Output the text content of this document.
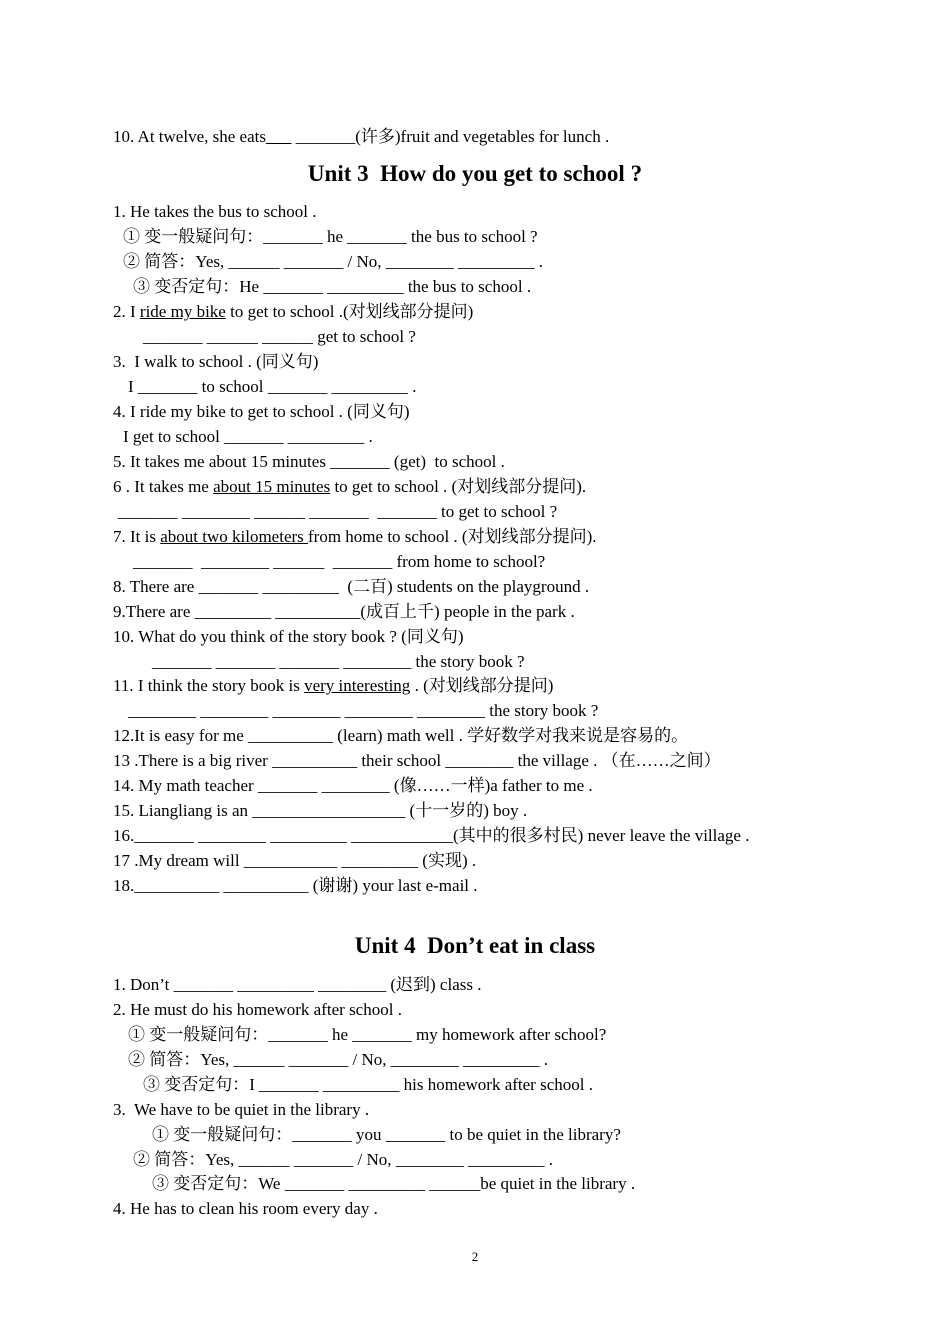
10. At twelve, she eats       _______(许多)fruit and vegetables for lunch .
Unit 3  How do you get to school ?
1. He takes the bus to school .
① 变一般疑问句：_______ he _______ the bus to school ?
② 简答：Yes, ______ _______ / No, ________ _________ .
③ 变否定句：He _______ _________ the bus to school .
2. I ride my bike to get to school .(对划线部分提问)
_______ ______ ______ get to school ?
3.  I walk to school . (同义句)
I _______ to school _______ _________ .
4. I ride my bike to get to school . (同义句)
I get to school _______ _________ .
5. It takes me about 15 minutes _______ (get)  to school .
6 . It takes me about 15 minutes to get to school . (对划线部分提问).
_______ ________ ______ _______  _______ to get to school ?
7. It is about two kilometers from home to school . (对划线部分提问).
_______  ________ ______  _______ from home to school?
8. There are _______ _________  (二百) students on the playground .
9.There are _________ __________(成百上千) people in the park .
10. What do you think of the story book ? (同义句)
_______ _______ _______ ________ the story book ?
11. I think the story book is very interesting . (对划线部分提问)
________ ________ ________ ________ ________ the story book ?
12.It is easy for me __________ (learn) math well . 学好数学对我来说是容易的。
13 .There is a big river __________ their school ________ the village . （在……之间）
14. My math teacher _______ ________ (像……一样)a father to me .
15. Liangliang is an __________________ (十一岁的) boy .
16._______ ________ _________ ____________(其中的很多村民) never leave the village .
17 .My dream will ___________ _________ (实现) .
18.__________ __________ (谢谢) your last e-mail .
Unit 4  Don’t eat in class
1. Don’t _______ _________ ________ (迟到) class .
2. He must do his homework after school .
① 变一般疑问句：_______ he _______ my homework after school?
② 简答：Yes, ______ _______ / No, ________ _________ .
③ 变否定句：I _______ _________ his homework after school .
3.  We have to be quiet in the library .
① 变一般疑问句：_______ you _______ to be quiet in the library?
② 简答：Yes, ______ _______ / No, ________ _________ .
③ 变否定句：We _______ _________ ______be quiet in the library .
4. He has to clean his room every day .
2
